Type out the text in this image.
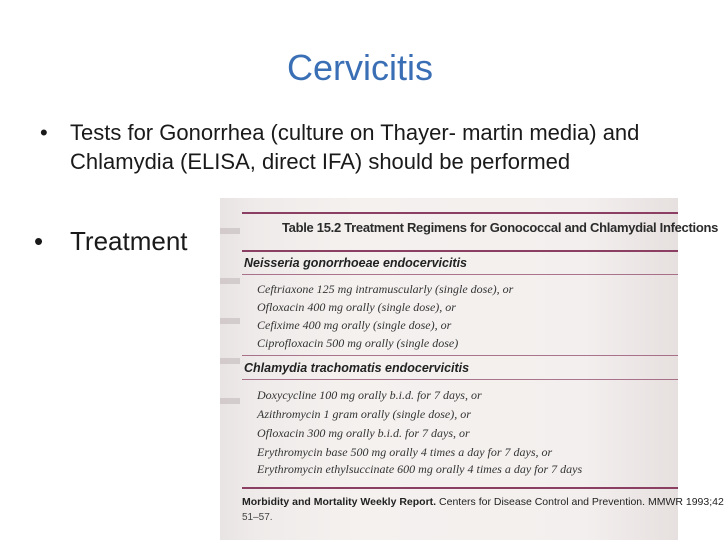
Cervicitis
• Tests for Gonorrhea (culture on Thayer- martin media) and Chlamydia (ELISA, direct IFA) should be performed
• Treatment	Table 15.2 Treatment Regimens for Gonococcal and Chlamydial Infections
Neisseria gonorrhoeae endocervicitis
Ceftriaxone 125 mg intramuscularly (single dose), or
Ofloxacin 400 mg orally (single dose), or
Cefixime 400 mg orally (single dose), or
Ciprofloxacin 500 mg orally (single dose)
Chlamydia trachomatis endocervicitis
Doxycycline 100 mg orally b.i.d. for 7 days, or
Azithromycin 1 gram orally (single dose), or
Ofloxacin 300 mg orally b.i.d. for 7 days, or
Erythromycin base 500 mg orally 4 times a day for 7 days, or
Erythromycin ethylsuccinate 600 mg orally 4 times a day for 7 days
Morbidity and Mortality Weekly Report. Centers for Disease Control and Prevention. MMWR 1993;42
51–57.
